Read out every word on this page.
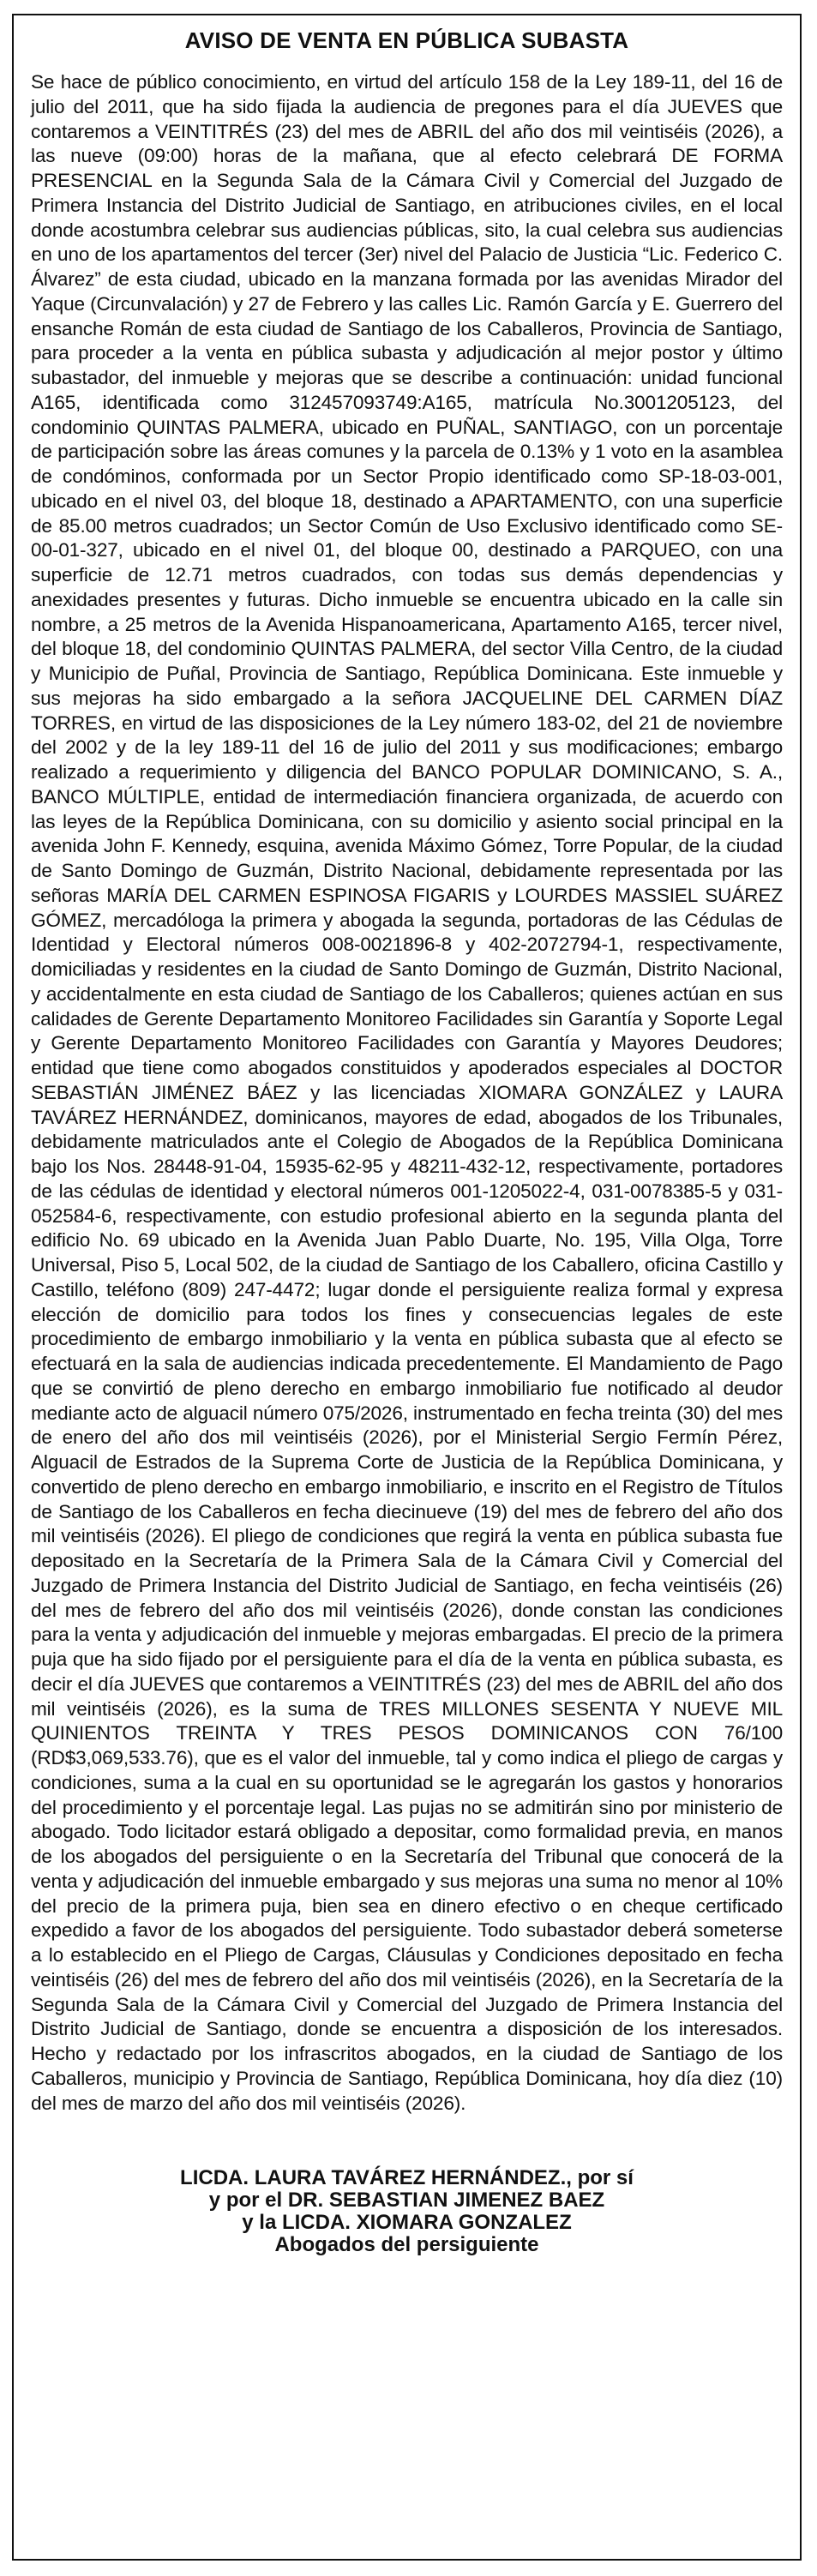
AVISO DE VENTA EN PÚBLICA SUBASTA

Se hace de público conocimiento, en virtud del artículo 158 de la Ley 189-11, del 16 de julio del 2011, que ha sido fijada la audiencia de pregones para el día JUEVES que contaremos a VEINTITRÉS (23) del mes de ABRIL del año dos mil veintiséis (2026), a las nueve (09:00) horas de la mañana, que al efecto celebrará DE FORMA PRESENCIAL en la Segunda Sala de la Cámara Civil y Comercial del Juzgado de Primera Instancia del Distrito Judicial de Santiago, en atribuciones civiles, en el local donde acostumbra celebrar sus audiencias públicas, sito, la cual celebra sus audiencias en uno de los apartamentos del tercer (3er) nivel del Palacio de Justicia “Lic. Federico C. Álvarez” de esta ciudad, ubicado en la manzana formada por las avenidas Mirador del Yaque (Circunvalación) y 27 de Febrero y las calles Lic. Ramón García y E. Guerrero del ensanche Román de esta ciudad de Santiago de los Caballeros, Provincia de Santiago, para proceder a la venta en pública subasta y adjudicación al mejor postor y último subastador, del inmueble y mejoras que se describe a continuación: unidad funcional A165, identificada como 312457093749:A165, matrícula No.3001205123, del condominio QUINTAS PALMERA, ubicado en PUÑAL, SANTIAGO, con un porcentaje de participación sobre las áreas comunes y la parcela de 0.13% y 1 voto en la asamblea de condóminos, conformada por un Sector Propio identificado como SP-18-03-001, ubicado en el nivel 03, del bloque 18, destinado a APARTAMENTO, con una superficie de 85.00 metros cuadrados; un Sector Común de Uso Exclusivo identificado como SE-00-01-327, ubicado en el nivel 01, del bloque 00, destinado a PARQUEO, con una superficie de 12.71 metros cuadrados, con todas sus demás dependencias y anexidades presentes y futuras. Dicho inmueble se encuentra ubicado en la calle sin nombre, a 25 metros de la Avenida Hispanoamericana, Apartamento A165, tercer nivel, del bloque 18, del condominio QUINTAS PALMERA, del sector Villa Centro, de la ciudad y Municipio de Puñal, Provincia de Santiago, República Dominicana. Este inmueble y sus mejoras ha sido embargado a la señora JACQUELINE DEL CARMEN DÍAZ TORRES, en virtud de las disposiciones de la Ley número 183-02, del 21 de noviembre del 2002 y de la ley 189-11 del 16 de julio del 2011 y sus modificaciones; embargo realizado a requerimiento y diligencia del BANCO POPULAR DOMINICANO, S. A., BANCO MÚLTIPLE, entidad de intermediación financiera organizada, de acuerdo con las leyes de la República Dominicana, con su domicilio y asiento social principal en la avenida John F. Kennedy, esquina, avenida Máximo Gómez, Torre Popular, de la ciudad de Santo Domingo de Guzmán, Distrito Nacional, debidamente representada por las señoras MARÍA DEL CARMEN ESPINOSA FIGARIS y LOURDES MASSIEL SUÁREZ GÓMEZ, mercadóloga la primera y abogada la segunda, portadoras de las Cédulas de Identidad y Electoral números 008-0021896-8 y 402-2072794-1, respectivamente, domiciliadas y residentes en la ciudad de Santo Domingo de Guzmán, Distrito Nacional, y accidentalmente en esta ciudad de Santiago de los Caballeros; quienes actúan en sus calidades de Gerente Departamento Monitoreo Facilidades sin Garantía y Soporte Legal y Gerente Departamento Monitoreo Facilidades con Garantía y Mayores Deudores; entidad que tiene como abogados constituidos y apoderados especiales al DOCTOR SEBASTIÁN JIMÉNEZ BÁEZ y las licenciadas XIOMARA GONZÁLEZ y LAURA TAVÁREZ HERNÁNDEZ, dominicanos, mayores de edad, abogados de los Tribunales, debidamente matriculados ante el Colegio de Abogados de la República Dominicana bajo los Nos. 28448-91-04, 15935-62-95 y 48211-432-12, respectivamente, portadores de las cédulas de identidad y electoral números 001-1205022-4, 031-0078385-5 y 031-052584-6, respectivamente, con estudio profesional abierto en la segunda planta del edificio No. 69 ubicado en la Avenida Juan Pablo Duarte, No. 195, Villa Olga, Torre Universal, Piso 5, Local 502, de la ciudad de Santiago de los Caballero, oficina Castillo y Castillo, teléfono (809) 247-4472; lugar donde el persiguiente realiza formal y expresa elección de domicilio para todos los fines y consecuencias legales de este procedimiento de embargo inmobiliario y la venta en pública subasta que al efecto se efectuará en la sala de audiencias indicada precedentemente. El Mandamiento de Pago que se convirtió de pleno derecho en embargo inmobiliario fue notificado al deudor mediante acto de alguacil número 075/2026, instrumentado en fecha treinta (30) del mes de enero del año dos mil veintiséis (2026), por el Ministerial Sergio Fermín Pérez, Alguacil de Estrados de la Suprema Corte de Justicia de la República Dominicana, y convertido de pleno derecho en embargo inmobiliario, e inscrito en el Registro de Títulos de Santiago de los Caballeros en fecha diecinueve (19) del mes de febrero del año dos mil veintiséis (2026). El pliego de condiciones que regirá la venta en pública subasta fue depositado en la Secretaría de la Primera Sala de la Cámara Civil y Comercial del Juzgado de Primera Instancia del Distrito Judicial de Santiago, en fecha veintiséis (26) del mes de febrero del año dos mil veintiséis (2026), donde constan las condiciones para la venta y adjudicación del inmueble y mejoras embargadas. El precio de la primera puja que ha sido fijado por el persiguiente para el día de la venta en pública subasta, es decir el día JUEVES que contaremos a VEINTITRÉS (23) del mes de ABRIL del año dos mil veintiséis (2026), es la suma de TRES MILLONES SESENTA Y NUEVE MIL QUINIENTOS TREINTA Y TRES PESOS DOMINICANOS CON 76/100 (RD$3,069,533.76), que es el valor del inmueble, tal y como indica el pliego de cargas y condiciones, suma a la cual en su oportunidad se le agregarán los gastos y honorarios del procedimiento y el porcentaje legal. Las pujas no se admitirán sino por ministerio de abogado. Todo licitador estará obligado a depositar, como formalidad previa, en manos de los abogados del persiguiente o en la Secretaría del Tribunal que conocerá de la venta y adjudicación del inmueble embargado y sus mejoras una suma no menor al 10% del precio de la primera puja, bien sea en dinero efectivo o en cheque certificado expedido a favor de los abogados del persiguiente. Todo subastador deberá someterse a lo establecido en el Pliego de Cargas, Cláusulas y Condiciones depositado en fecha veintiséis (26) del mes de febrero del año dos mil veintiséis (2026), en la Secretaría de la Segunda Sala de la Cámara Civil y Comercial del Juzgado de Primera Instancia del Distrito Judicial de Santiago, donde se encuentra a disposición de los interesados. Hecho y redactado por los infrascritos abogados, en la ciudad de Santiago de los Caballeros, municipio y Provincia de Santiago, República Dominicana, hoy día diez (10) del mes de marzo del año dos mil veintiséis (2026).

LICDA. LAURA TAVÁREZ HERNÁNDEZ., por sí
y por el DR. SEBASTIAN JIMENEZ BAEZ
y la LICDA. XIOMARA GONZALEZ
Abogados del persiguiente
